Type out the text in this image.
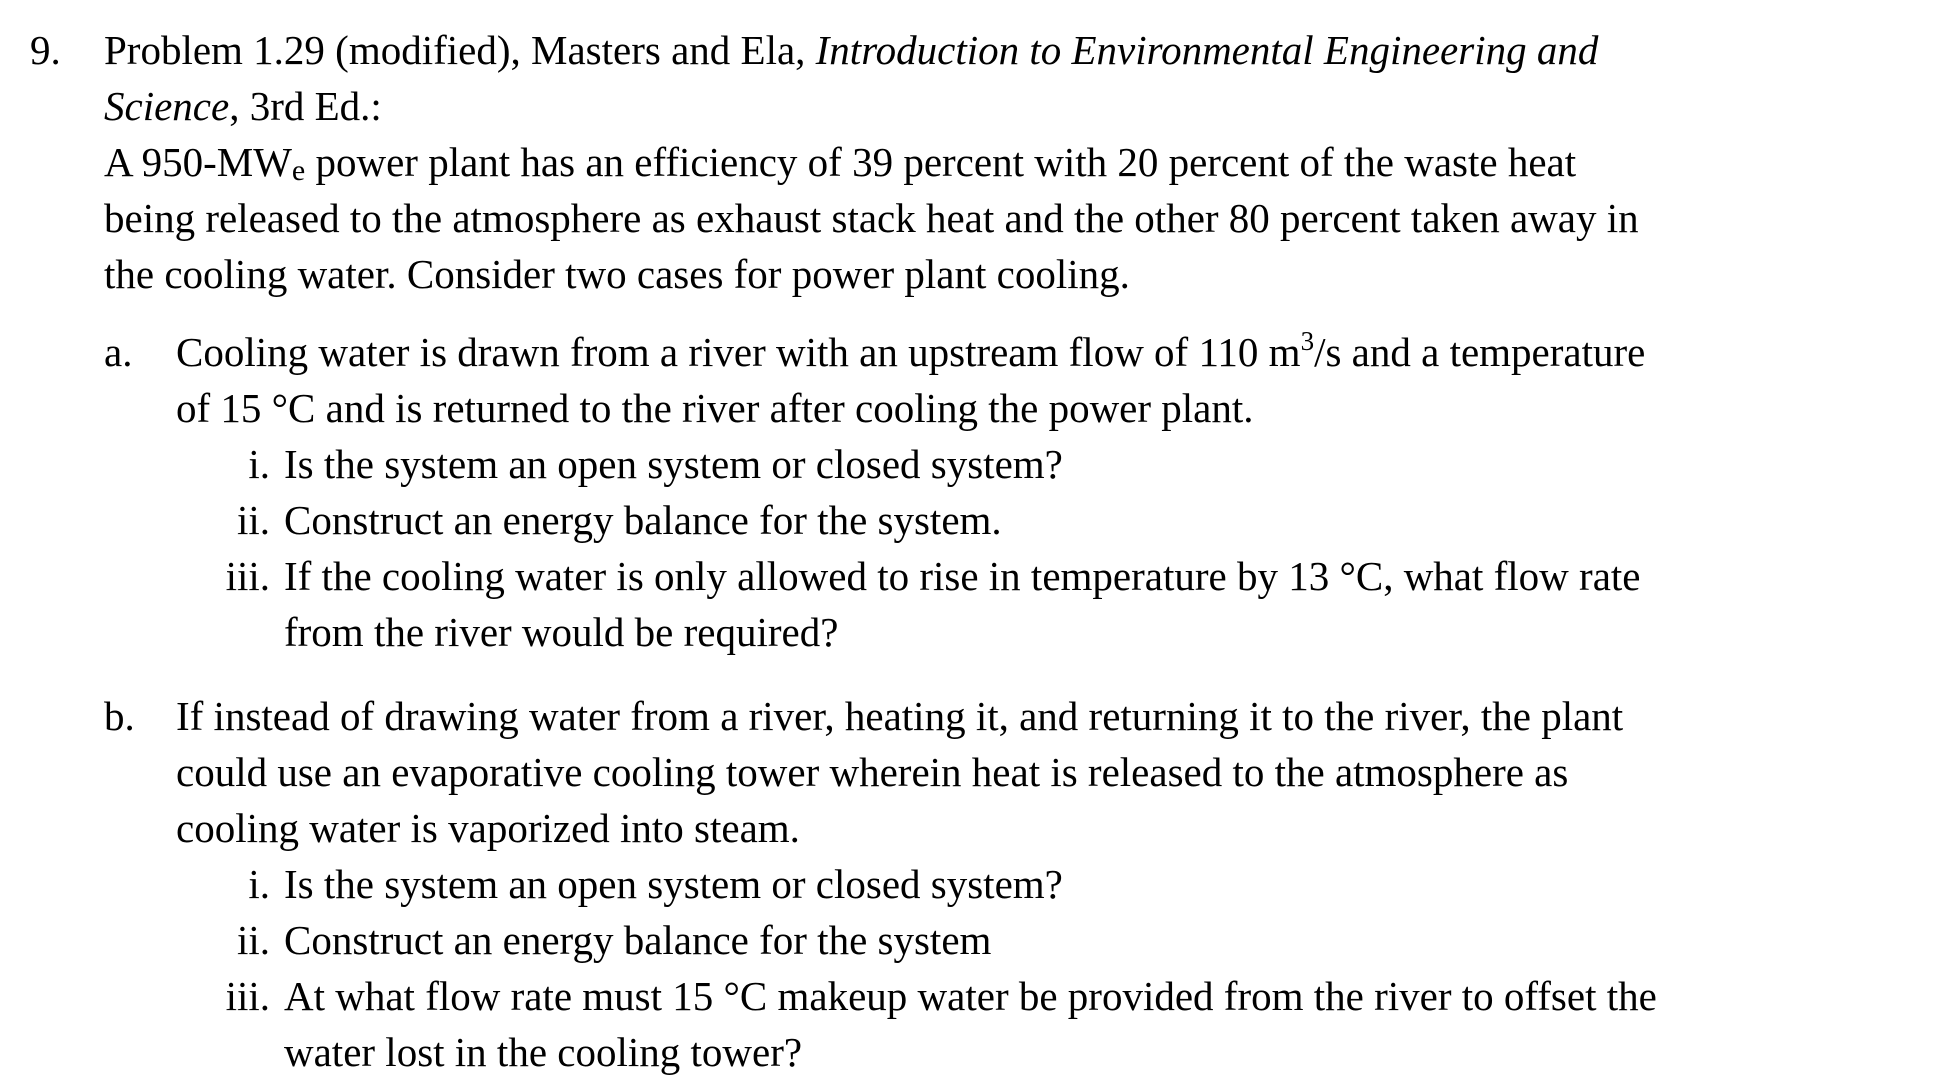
9. Problem 1.29 (modified), Masters and Ela, Introduction to Environmental Engineering and
Science, 3rd Ed.:
A $950-MW_e$ power plant has an efficiency of 39 percent with 20 percent of the waste heat
being released to the atmosphere as exhaust stack heat and the other 80 percent taken away in
the cooling water. Consider two cases for power plant cooling.
a. Cooling water is drawn from a river with an upstream flow of 110 $m^3/s$ and a temperature
of 15 °C and is returned to the river after cooling the power plant.
i. Is the system an open system or closed system?
ii. Construct an energy balance for the system.
iii. If the cooling water is only allowed to rise in temperature by 13 °C, what flow rate
from the river would be required?
b. If instead of drawing water from a river, heating it, and returning it to the river, the plant
could use an evaporative cooling tower wherein heat is released to the atmosphere as
cooling water is vaporized into steam.
i. Is the system an open system or closed system?
ii. Construct an energy balance for the system
iii. At what flow rate must 15 °C makeup water be provided from the river to offset the
water lost in the cooling tower?
